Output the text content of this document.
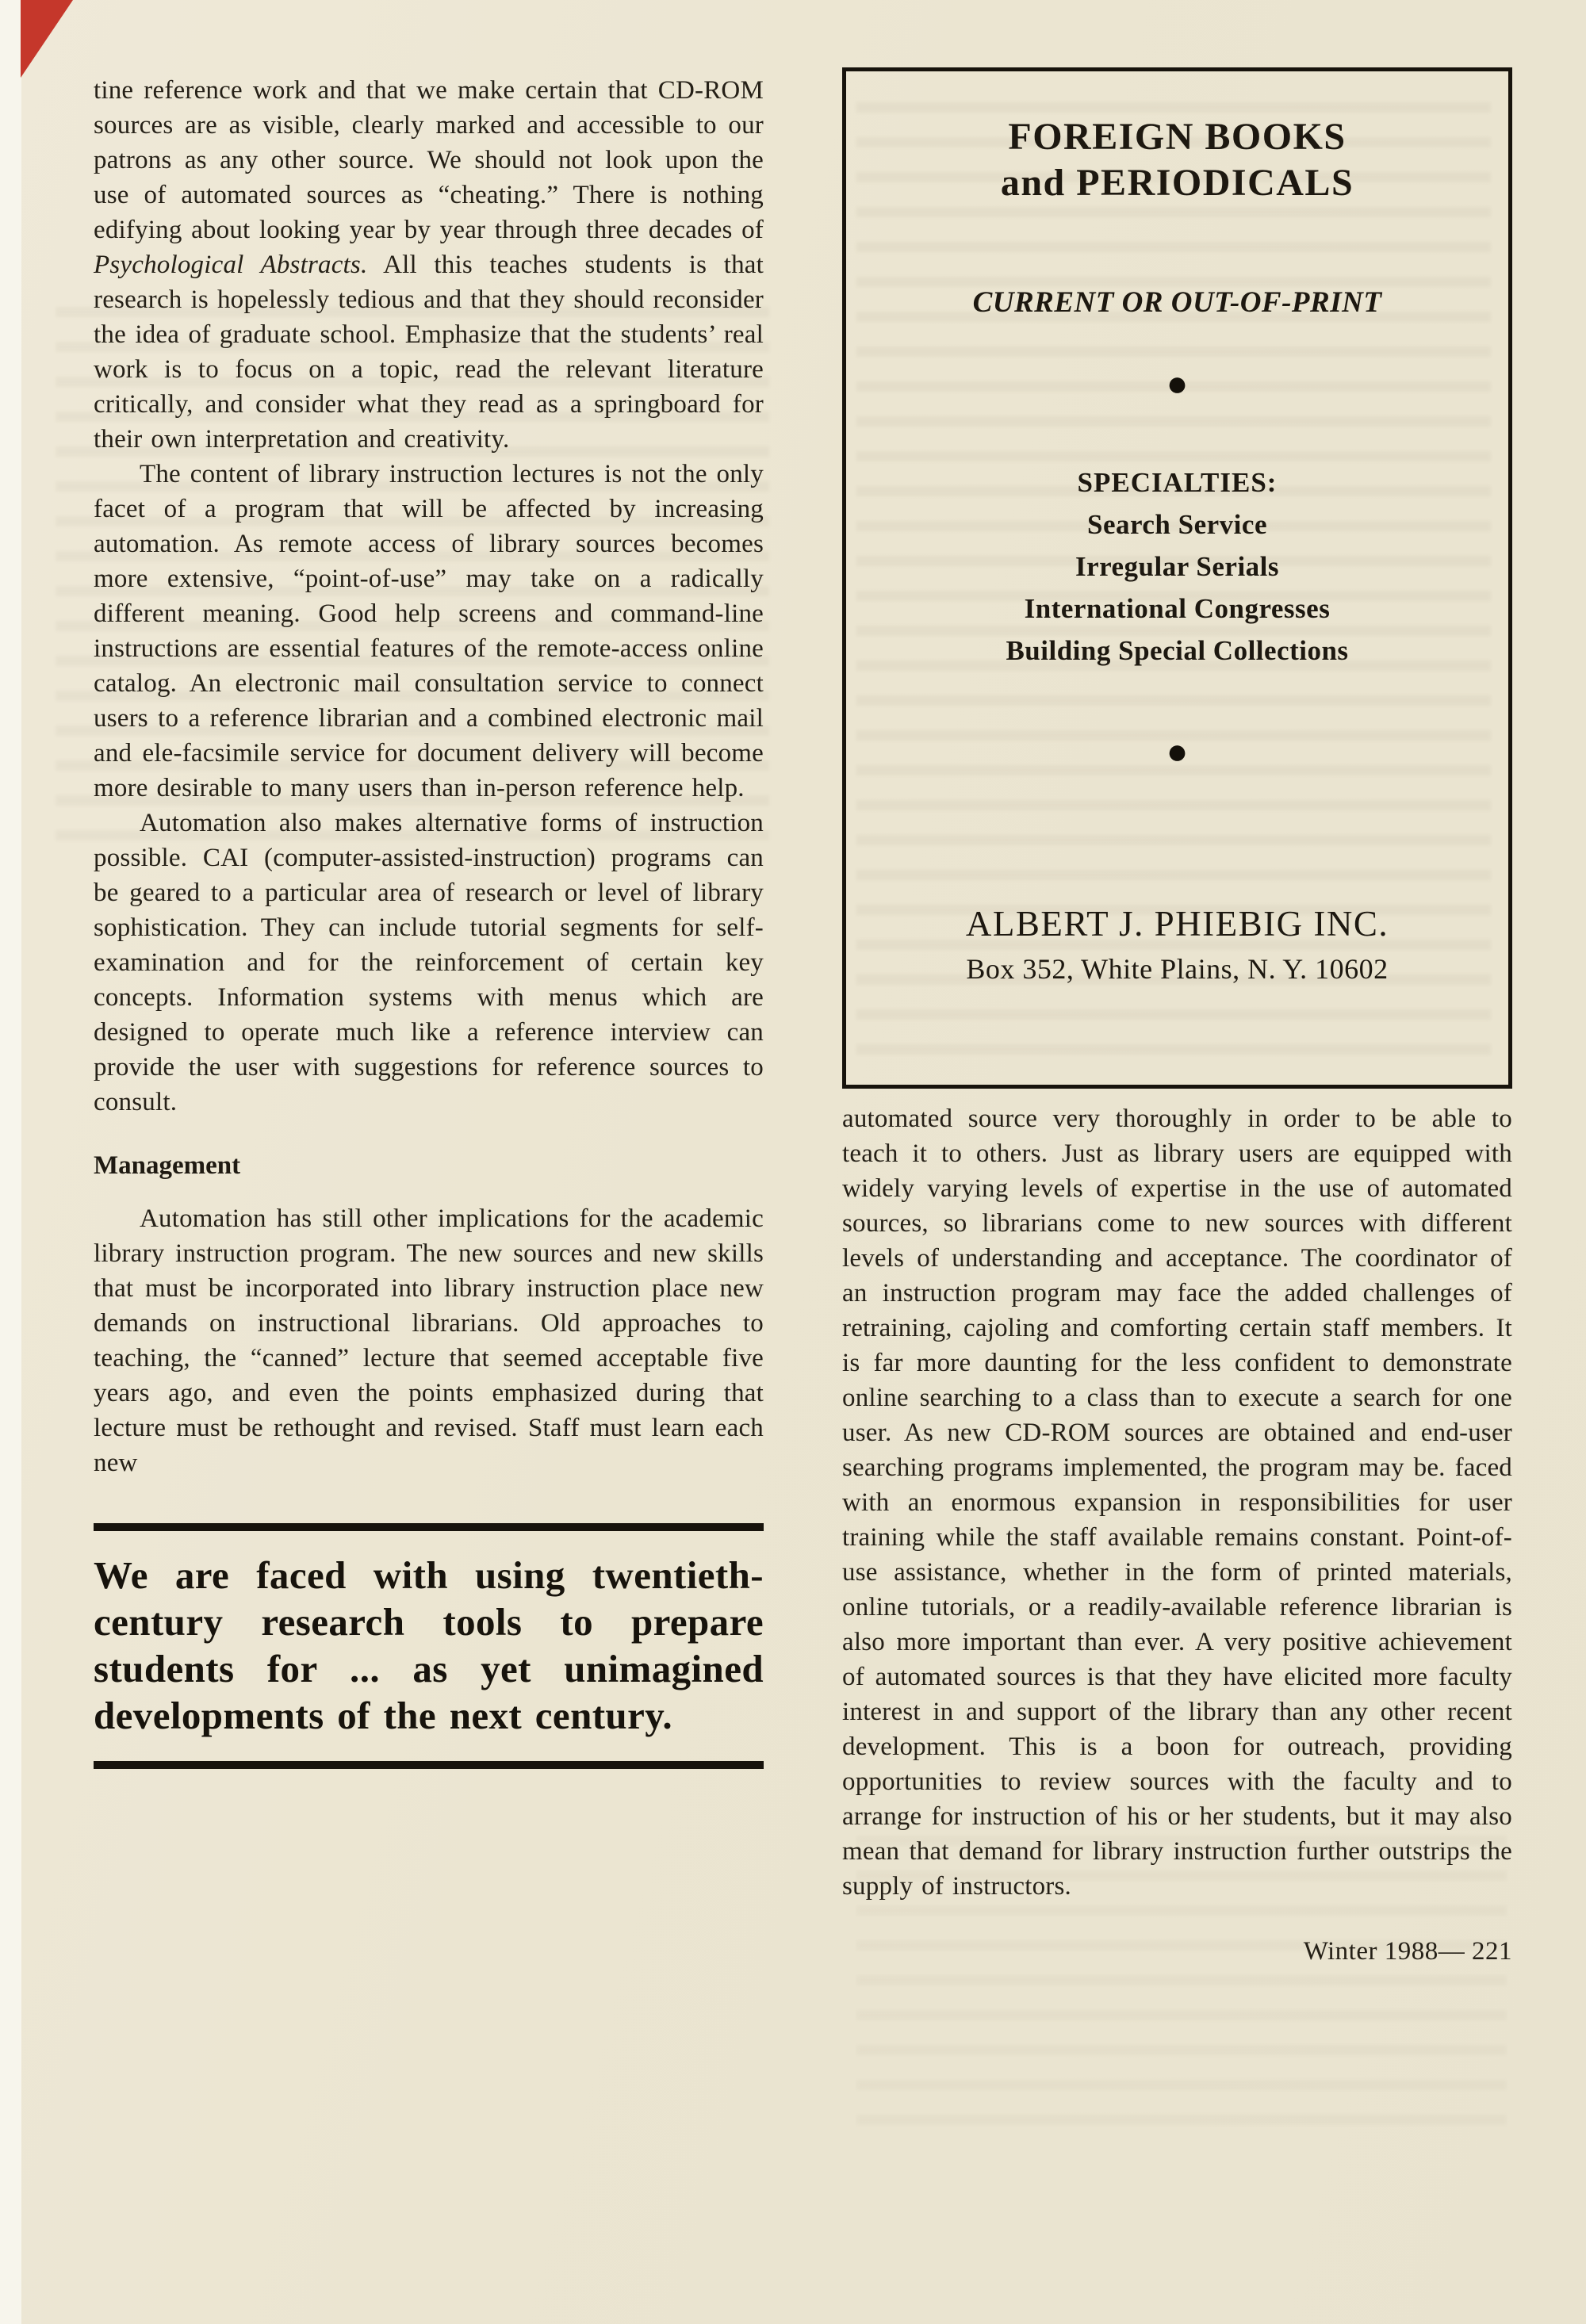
tine reference work and that we make certain that CD-ROM sources are as visible, clearly marked and accessible to our patrons as any other source. We should not look upon the use of automated sources as “cheating.” There is nothing edifying about looking year by year through three decades of Psychological Abstracts. All this teaches students is that research is hopelessly tedious and that they should reconsider the idea of graduate school. Emphasize that the students’ real work is to focus on a topic, read the relevant literature critically, and consider what they read as a springboard for their own interpretation and creativity.

The content of library instruction lectures is not the only facet of a program that will be affected by increasing automation. As remote access of library sources becomes more extensive, “point-of-use” may take on a radically different meaning. Good help screens and command-line instructions are essential features of the remote-access online catalog. An electronic mail consultation service to connect users to a reference librarian and a combined electronic mail and ele-facsimile service for document delivery will become more desirable to many users than in-person reference help.

Automation also makes alternative forms of instruction possible. CAI (computer-assisted-instruction) programs can be geared to a particular area of research or level of library sophistication. They can include tutorial segments for self-examination and for the reinforcement of certain key concepts. Information systems with menus which are designed to operate much like a reference interview can provide the user with suggestions for reference sources to consult.

Management

Automation has still other implications for the academic library instruction program. The new sources and new skills that must be incorporated into library instruction place new demands on instructional librarians. Old approaches to teaching, the “canned” lecture that seemed acceptable five years ago, and even the points emphasized during that lecture must be rethought and revised. Staff must learn each new

We are faced with using twentieth-century research tools to prepare students for ... as yet unimagined developments of the next century.

FOREIGN BOOKS
and PERIODICALS
CURRENT OR OUT-OF-PRINT
●
SPECIALTIES:
Search Service
Irregular Serials
International Congresses
Building Special Collections
●
ALBERT J. PHIEBIG INC.
Box 352, White Plains, N. Y. 10602

automated source very thoroughly in order to be able to teach it to others. Just as library users are equipped with widely varying levels of expertise in the use of automated sources, so librarians come to new sources with different levels of understanding and acceptance. The coordinator of an instruction program may face the added challenges of retraining, cajoling and comforting certain staff members. It is far more daunting for the less confident to demonstrate online searching to a class than to execute a search for one user. As new CD-ROM sources are obtained and end-user searching programs implemented, the program may be. faced with an enormous expansion in responsibilities for user training while the staff available remains constant. Point-of-use assistance, whether in the form of printed materials, online tutorials, or a readily-available reference librarian is also more important than ever. A very positive achievement of automated sources is that they have elicited more faculty interest in and support of the library than any other recent development. This is a boon for outreach, providing opportunities to review sources with the faculty and to arrange for instruction of his or her students, but it may also mean that demand for library instruction further outstrips the supply of instructors.

Winter 1988— 221
